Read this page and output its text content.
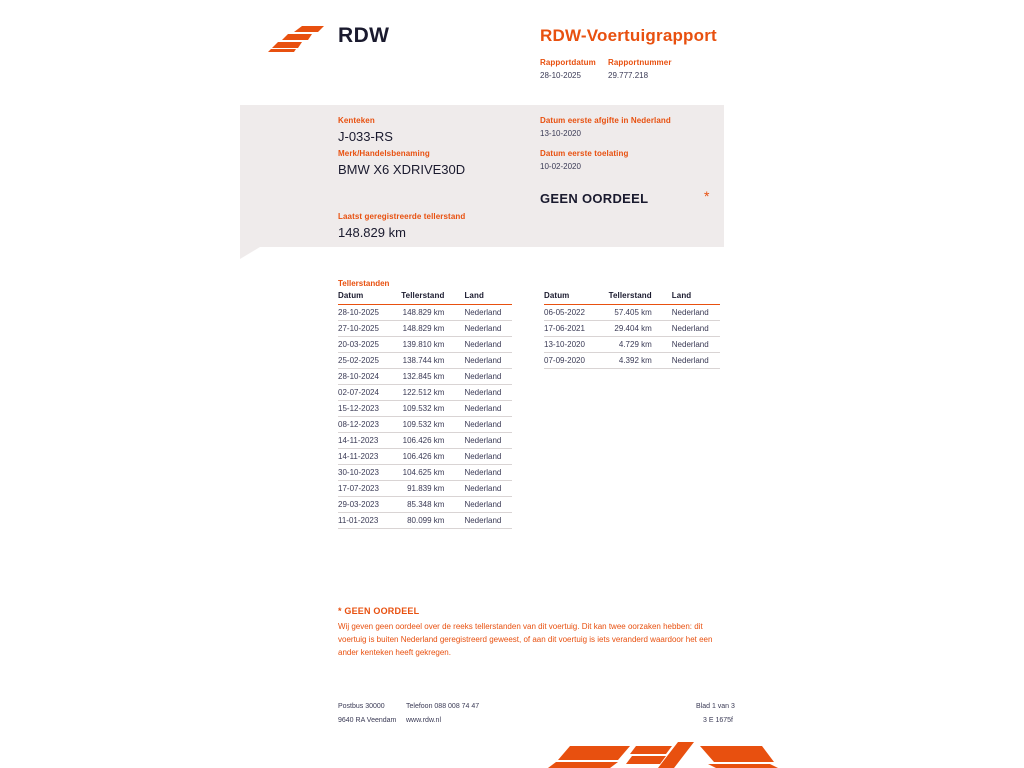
RDW	RDW-Voertuigrapport
Rapportdatum
28-10-2025
Rapportnummer
29.777.218
Kenteken
J-033-RS
Merk/Handelsbenaming
BMW X6 XDRIVE30D
Laatst geregistreerde tellerstand
148.829 km
Datum eerste afgifte in Nederland
13-10-2020
Datum eerste toelating
10-02-2020
GEEN OORDEEL	*
Tellerstanden
Datum	Tellerstand	Land
28-10-2025	148.829 km	Nederland
27-10-2025	148.829 km	Nederland
20-03-2025	139.810 km	Nederland
25-02-2025	138.744 km	Nederland
28-10-2024	132.845 km	Nederland
02-07-2024	122.512 km	Nederland
15-12-2023	109.532 km	Nederland
08-12-2023	109.532 km	Nederland
14-11-2023	106.426 km	Nederland
14-11-2023	106.426 km	Nederland
30-10-2023	104.625 km	Nederland
17-07-2023	91.839 km	Nederland
29-03-2023	85.348 km	Nederland
11-01-2023	80.099 km	Nederland
Datum	Tellerstand	Land
06-05-2022	57.405 km	Nederland
17-06-2021	29.404 km	Nederland
13-10-2020	4.729 km	Nederland
07-09-2020	4.392 km	Nederland
* GEEN OORDEEL
Wij geven geen oordeel over de reeks tellerstanden van dit voertuig. Dit kan twee oorzaken hebben: dit voertuig is buiten Nederland geregistreerd geweest, of aan dit voertuig is iets veranderd waardoor het een ander kenteken heeft gekregen.
Postbus 30000
9640 RA Veendam
Telefoon 088 008 74 47
www.rdw.nl
Blad 1 van 3
3 E 1675f
